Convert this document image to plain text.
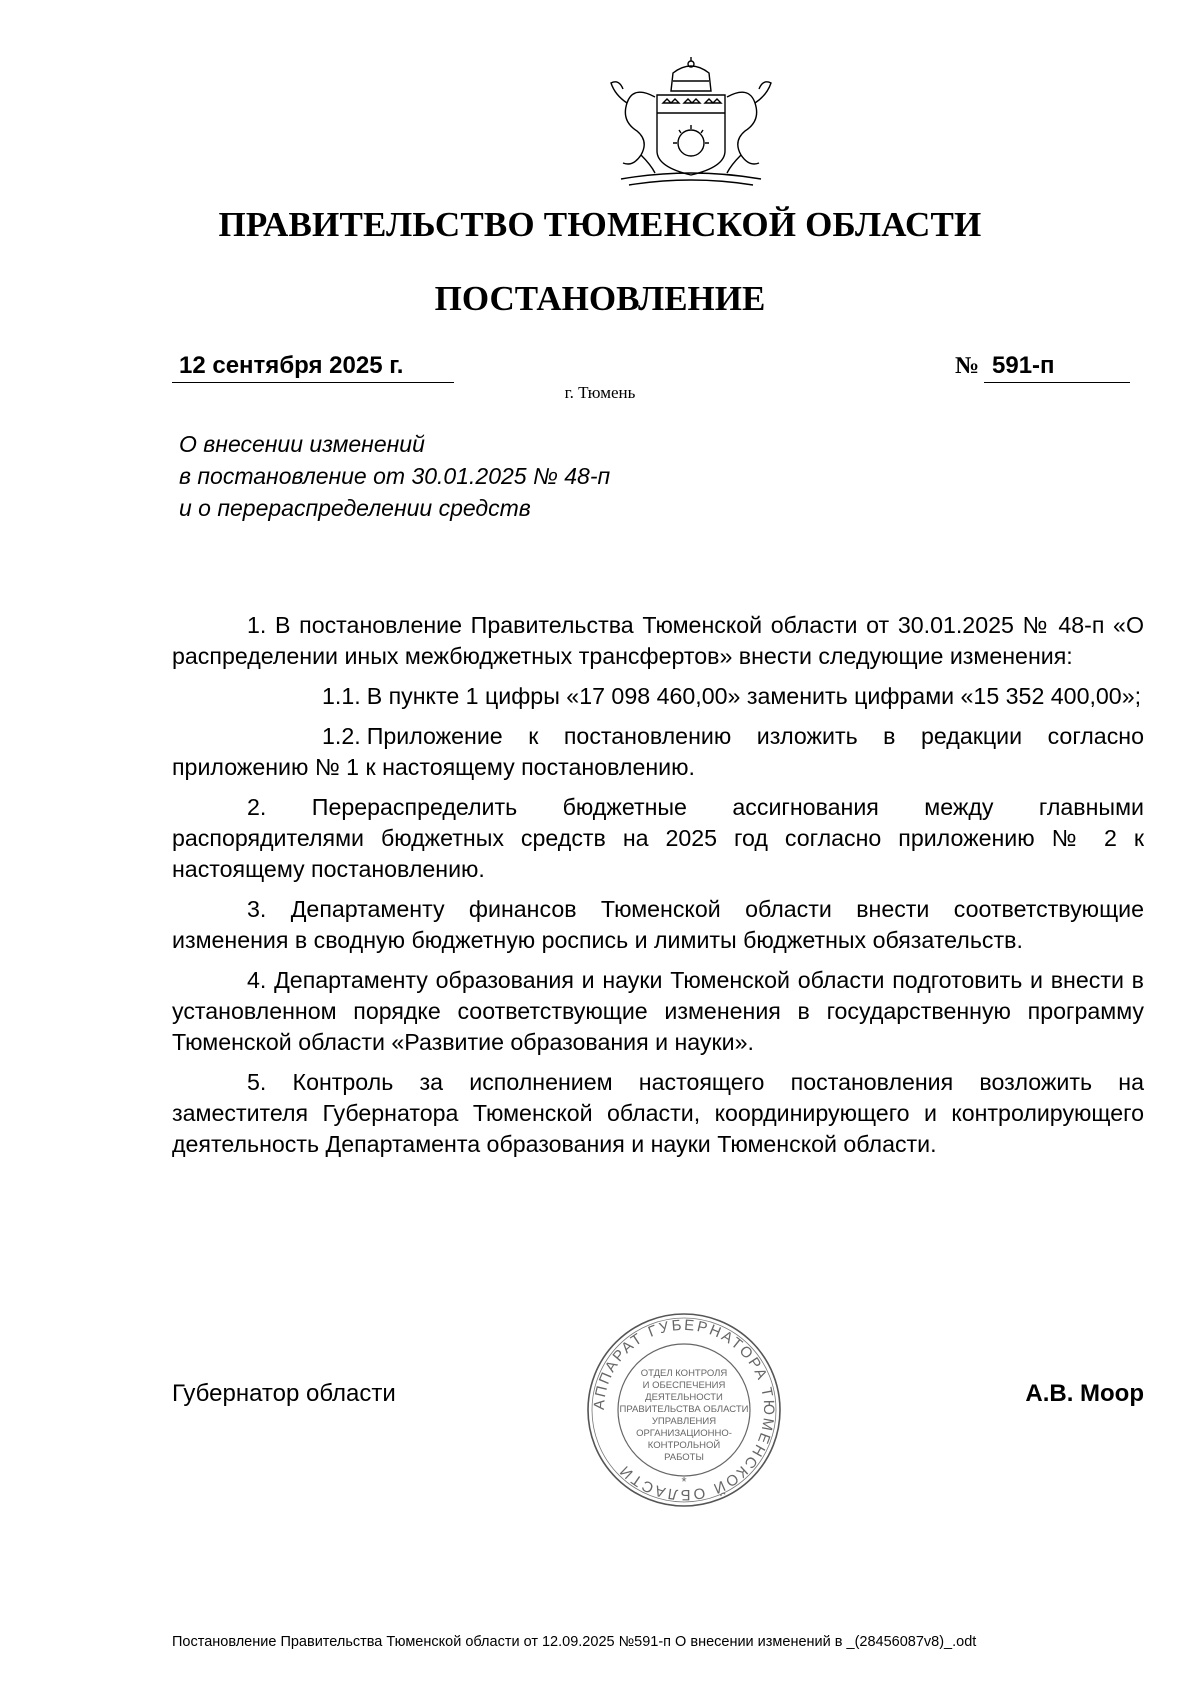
ПРАВИТЕЛЬСТВО ТЮМЕНСКОЙ ОБЛАСТИ
ПОСТАНОВЛЕНИЕ
12 сентября 2025 г.	№ 591-п
г. Тюмень
О внесении изменений
в постановление от 30.01.2025 № 48-п
и о перераспределении средств

1. В постановление Правительства Тюменской области от 30.01.2025 № 48-п «О распределении иных межбюджетных трансфертов» внести следующие изменения:

1.1. В пункте 1 цифры «17 098 460,00» заменить цифрами «15 352 400,00»;

1.2. Приложение к постановлению изложить в редакции согласно приложению № 1 к настоящему постановлению.

2. Перераспределить бюджетные ассигнования между главными распорядителями бюджетных средств на 2025 год согласно приложению № 2 к настоящему постановлению.

3. Департаменту финансов Тюменской области внести соответствующие изменения в сводную бюджетную роспись и лимиты бюджетных обязательств.

4. Департаменту образования и науки Тюменской области подготовить и внести в установленном порядке соответствующие изменения в государственную программу Тюменской области «Развитие образования и науки».

5. Контроль за исполнением настоящего постановления возложить на заместителя Губернатора Тюменской области, координирующего и контролирующего деятельность Департамента образования и науки Тюменской области.

АППАРАТ ГУБЕРНАТОРА ТЮМЕНСКОЙ ОБЛАСТИ	*
ОТДЕЛ КОНТРОЛЯ
И ОБЕСПЕЧЕНИЯ
ДЕЯТЕЛЬНОСТИ
ПРАВИТЕЛЬСТВА ОБЛАСТИ
УПРАВЛЕНИЯ
ОРГАНИЗАЦИОННО-
КОНТРОЛЬНОЙ
РАБОТЫ
Губернатор области	А.В. Моор
Постановление Правительства Тюменской области от 12.09.2025 №591-п О внесении изменений в _(28456087v8)_.odt
